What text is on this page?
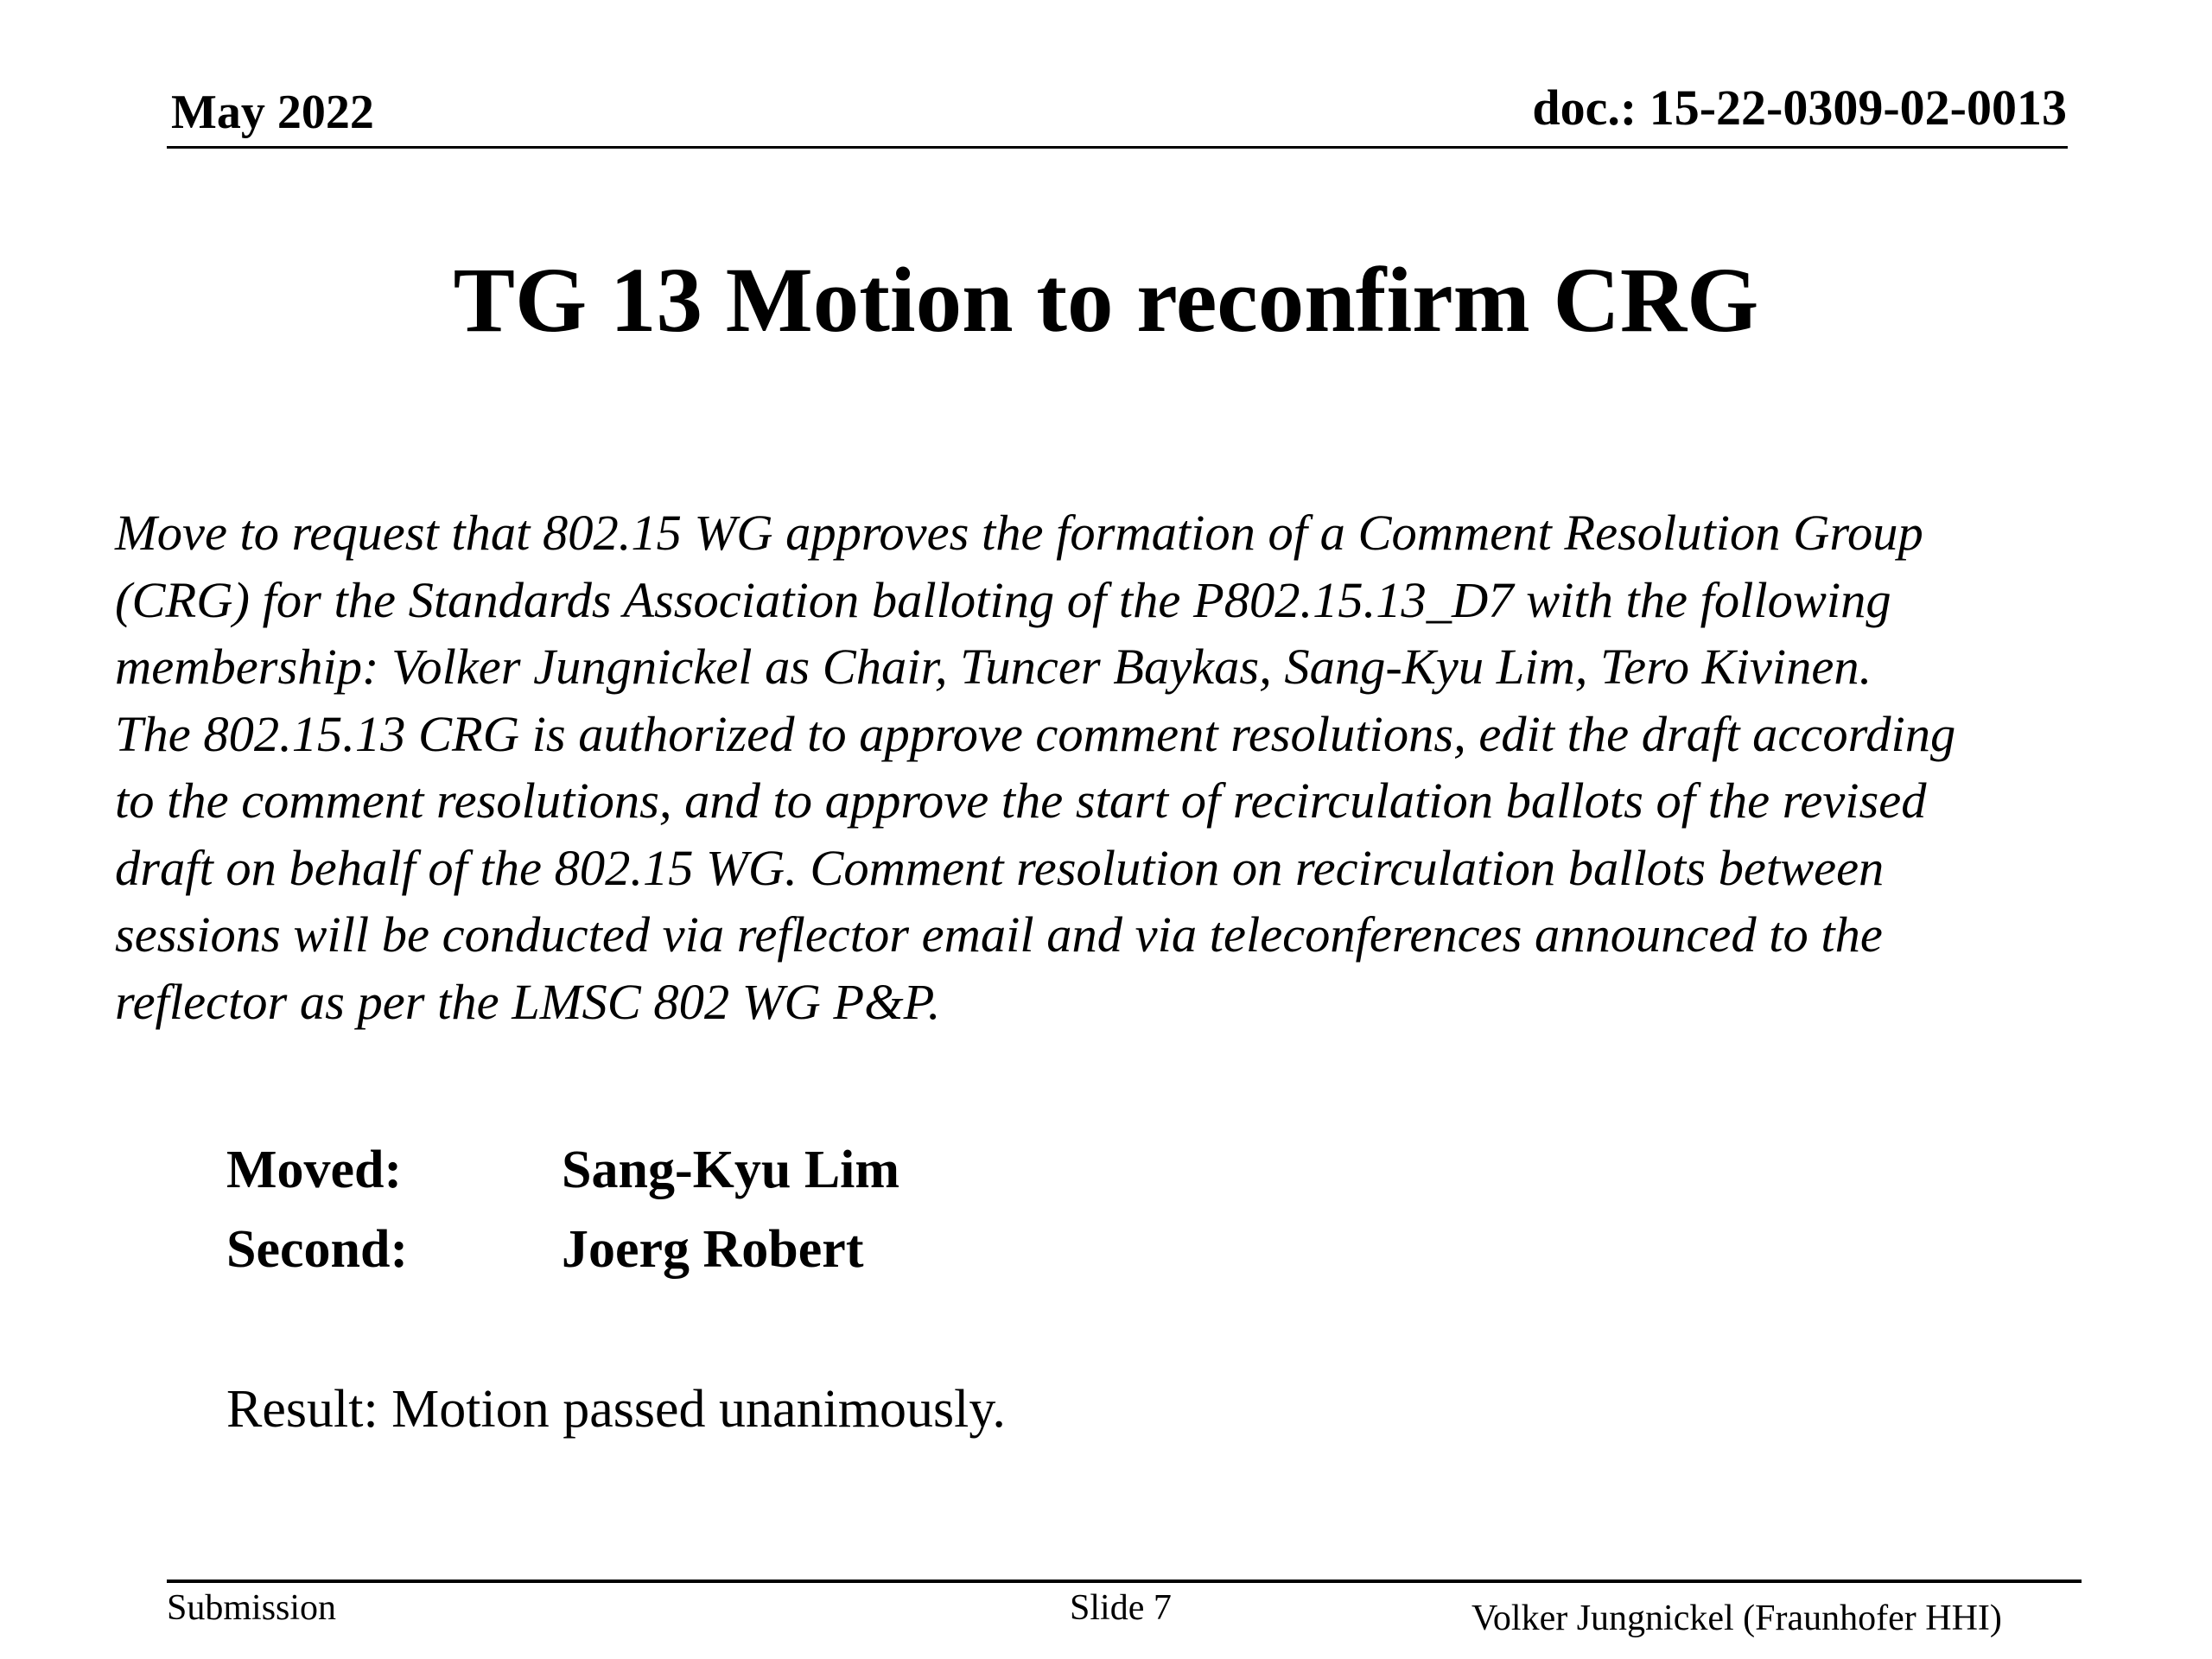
May 2022	doc.: 15-22-0309-02-0013
TG 13 Motion to reconfirm CRG
Move to request that 802.15 WG approves the formation of a Comment Resolution Group
(CRG) for the Standards Association balloting of the P802.15.13_D7 with the following
membership: Volker Jungnickel as Chair, Tuncer Baykas, Sang-Kyu Lim, Tero Kivinen.
The 802.15.13 CRG is authorized to approve comment resolutions, edit the draft according
to the comment resolutions, and to approve the start of recirculation ballots of the revised
draft on behalf of the 802.15 WG. Comment resolution on recirculation ballots between
sessions will be conducted via reflector email and via teleconferences announced to the
reflector as per the LMSC 802 WG P&P.
Moved:	Sang-Kyu Lim
Second:	Joerg Robert
Result: Motion passed unanimously.
Submission	Slide 7	Volker Jungnickel (Fraunhofer HHI)
